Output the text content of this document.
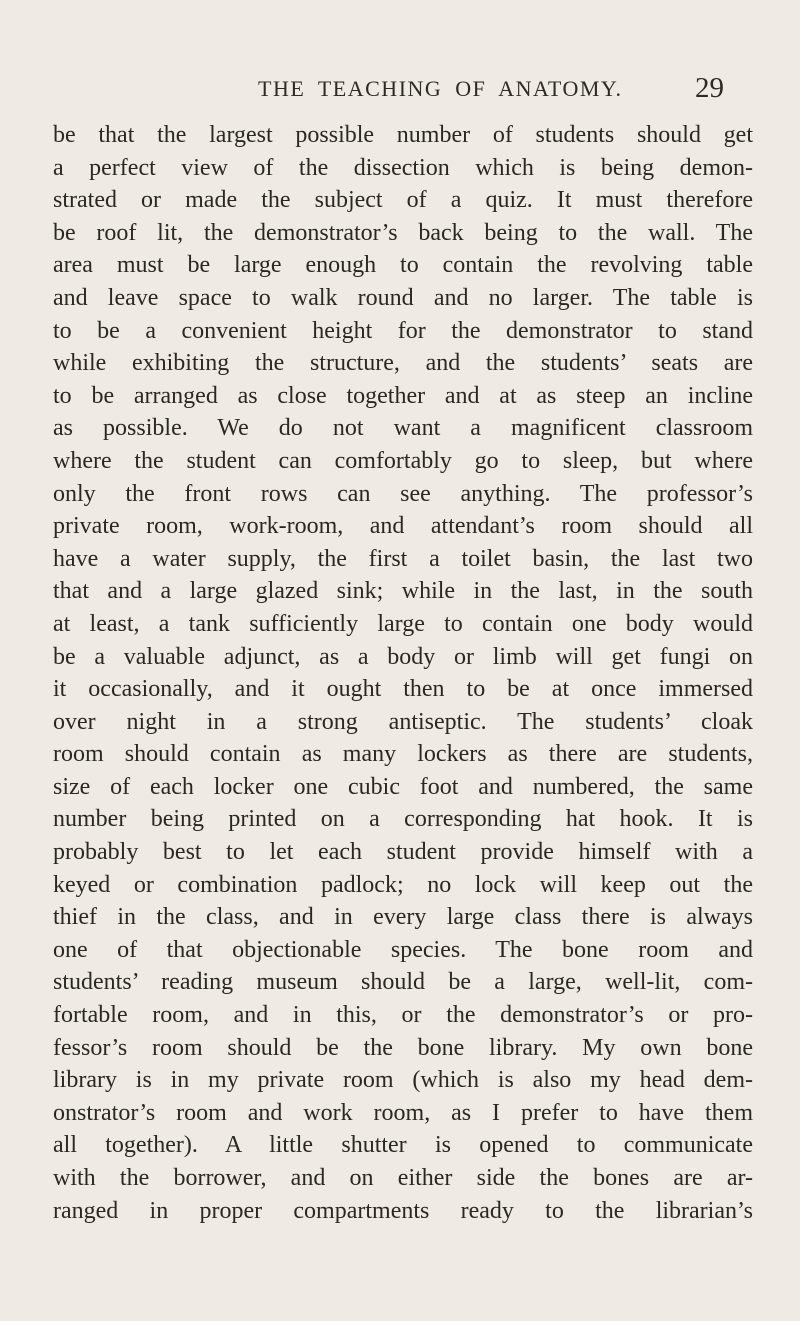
THE TEACHING OF ANATOMY.	29
be that the largest possible number of students should get
a perfect view of the dissection which is being demon-
strated or made the subject of a quiz. It must therefore
be roof lit, the demonstrator’s back being to the wall. The
area must be large enough to contain the revolving table
and leave space to walk round and no larger. The table is
to be a convenient height for the demonstrator to stand
while exhibiting the structure, and the students’ seats are
to be arranged as close together and at as steep an incline
as possible. We do not want a magnificent classroom
where the student can comfortably go to sleep, but where
only the front rows can see anything. The professor’s
private room, work-room, and attendant’s room should all
have a water supply, the first a toilet basin, the last two
that and a large glazed sink; while in the last, in the south
at least, a tank sufficiently large to contain one body would
be a valuable adjunct, as a body or limb will get fungi on
it occasionally, and it ought then to be at once immersed
over night in a strong antiseptic. The students’ cloak
room should contain as many lockers as there are students,
size of each locker one cubic foot and numbered, the same
number being printed on a corresponding hat hook. It is
probably best to let each student provide himself with a
keyed or combination padlock; no lock will keep out the
thief in the class, and in every large class there is always
one of that objectionable species. The bone room and
students’ reading museum should be a large, well-lit, com-
fortable room, and in this, or the demonstrator’s or pro-
fessor’s room should be the bone library. My own bone
library is in my private room (which is also my head dem-
onstrator’s room and work room, as I prefer to have them
all together). A little shutter is opened to communicate
with the borrower, and on either side the bones are ar-
ranged in proper compartments ready to the librarian’s
